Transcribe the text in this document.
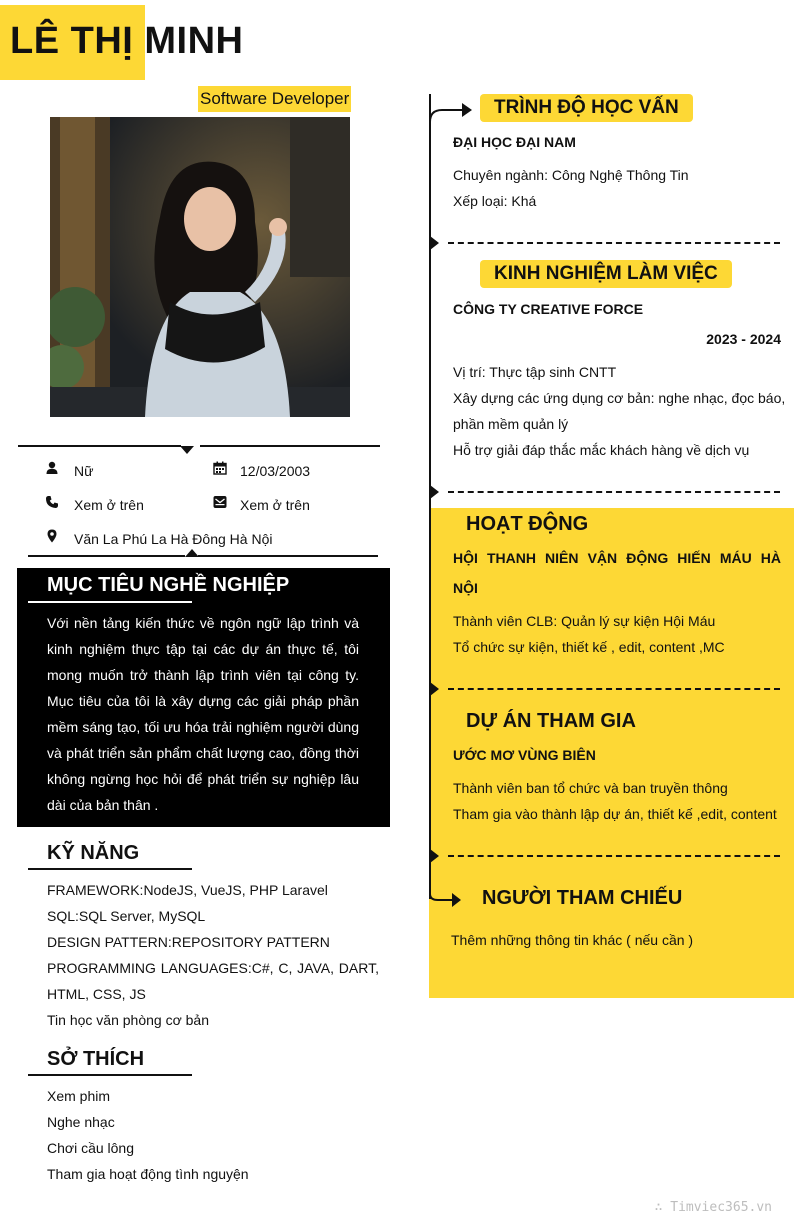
LÊ THỊ MINH
Software Developer
Nữ	12/03/2003
Xem ở trên	Xem ở trên
Văn La Phú La Hà Đông Hà Nội
MỤC TIÊU NGHỀ NGHIỆP
Với nền tảng kiến thức về ngôn ngữ lập trình và kinh nghiệm thực tập tại các dự án thực tế, tôi mong muốn trở thành lập trình viên tại công ty. Mục tiêu của tôi là xây dựng các giải pháp phần mềm sáng tạo, tối ưu hóa trải nghiệm người dùng và phát triển sản phẩm chất lượng cao, đồng thời không ngừng học hỏi để phát triển sự nghiệp lâu dài của bản thân .
KỸ NĂNG
FRAMEWORK:NodeJS, VueJS, PHP Laravel
SQL:SQL Server, MySQL
DESIGN PATTERN:REPOSITORY PATTERN
PROGRAMMING LANGUAGES:C#, C, JAVA, DART,
HTML, CSS, JS
Tin học văn phòng cơ bản
SỞ THÍCH
Xem phim
Nghe nhạc
Chơi cầu lông
Tham gia hoạt động tình nguyện
TRÌNH ĐỘ HỌC VẤN
ĐẠI HỌC ĐẠI NAM
Chuyên ngành: Công Nghệ Thông Tin
Xếp loại: Khá
KINH NGHIỆM LÀM VIỆC
CÔNG TY CREATIVE FORCE
2023 - 2024
Vị trí: Thực tập sinh CNTT
Xây dựng các ứng dụng cơ bản: nghe nhạc, đọc báo,
phần mềm quản lý
Hỗ trợ giải đáp thắc mắc khách hàng về dịch vụ
HOẠT ĐỘNG
HỘI THANH NIÊN VẬN ĐỘNG HIẾN MÁU HÀ
NỘI
Thành viên CLB: Quản lý sự kiện Hội Máu
Tổ chức sự kiện, thiết kế , edit, content ,MC
DỰ ÁN THAM GIA
ƯỚC MƠ VÙNG BIÊN
Thành viên ban tổ chức và ban truyền thông
Tham gia vào thành lập dự án, thiết kế ,edit, content
NGƯỜI THAM CHIẾU
Thêm những thông tin khác ( nếu cần )
∴ Timviec365.vn
